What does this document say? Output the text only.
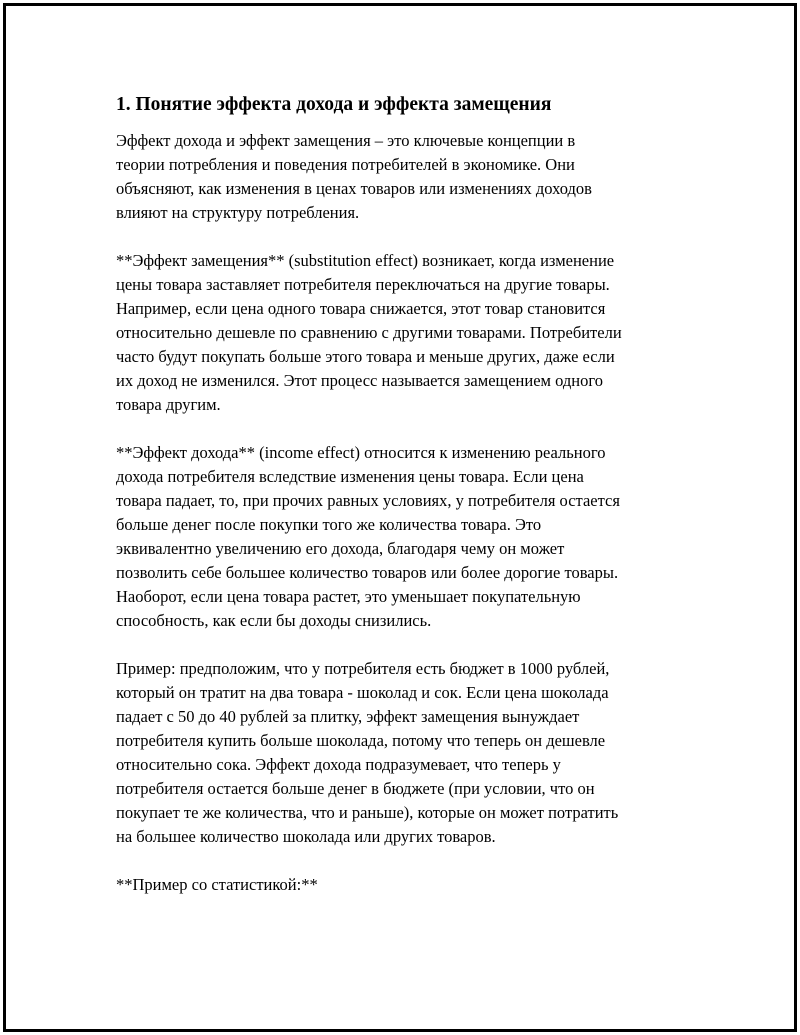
1. Понятие эффекта дохода и эффекта замещения

Эффект дохода и эффект замещения – это ключевые концепции в
теории потребления и поведения потребителей в экономике. Они
объясняют, как изменения в ценах товаров или изменениях доходов
влияют на структуру потребления.

**Эффект замещения** (substitution effect) возникает, когда изменение
цены товара заставляет потребителя переключаться на другие товары.
Например, если цена одного товара снижается, этот товар становится
относительно дешевле по сравнению с другими товарами. Потребители
часто будут покупать больше этого товара и меньше других, даже если
их доход не изменился. Этот процесс называется замещением одного
товара другим.

**Эффект дохода** (income effect) относится к изменению реального
дохода потребителя вследствие изменения цены товара. Если цена
товара падает, то, при прочих равных условиях, у потребителя остается
больше денег после покупки того же количества товара. Это
эквивалентно увеличению его дохода, благодаря чему он может
позволить себе большее количество товаров или более дорогие товары.
Наоборот, если цена товара растет, это уменьшает покупательную
способность, как если бы доходы снизились.

Пример: предположим, что у потребителя есть бюджет в 1000 рублей,
который он тратит на два товара - шоколад и сок. Если цена шоколада
падает с 50 до 40 рублей за плитку, эффект замещения вынуждает
потребителя купить больше шоколада, потому что теперь он дешевле
относительно сока. Эффект дохода подразумевает, что теперь у
потребителя остается больше денег в бюджете (при условии, что он
покупает те же количества, что и раньше), которые он может потратить
на большее количество шоколада или других товаров.

**Пример со статистикой:**
